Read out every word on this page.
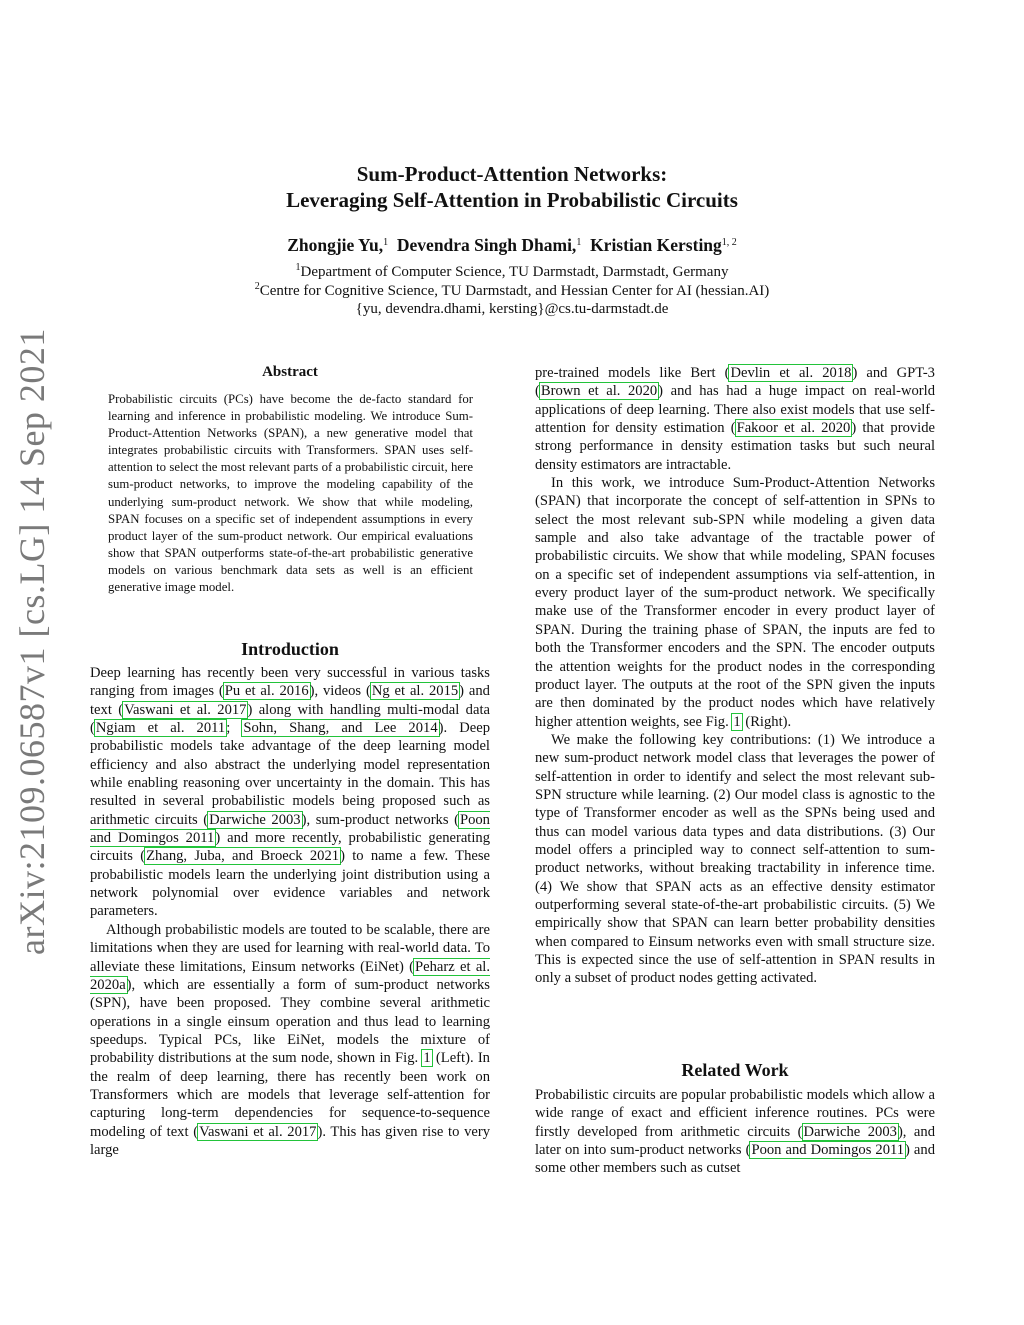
arXiv:2109.06587v1 [cs.LG] 14 Sep 2021
Sum-Product-Attention Networks:
Leveraging Self-Attention in Probabilistic Circuits
Zhongjie Yu,$^1$ Devendra Singh Dhami,$^1$ Kristian Kersting$^{1, 2}$
$^1$Department of Computer Science, TU Darmstadt, Darmstadt, Germany
$^2$Centre for Cognitive Science, TU Darmstadt, and Hessian Center for AI (hessian.AI)
{yu, devendra.dhami, kersting}@cs.tu-darmstadt.de
Abstract

Probabilistic circuits (PCs) have become the de-facto standard for learning and inference in probabilistic modeling. We introduce Sum-Product-Attention Networks (SPAN), a new generative model that integrates probabilistic circuits with Transformers. SPAN uses self-attention to select the most relevant parts of a probabilistic circuit, here sum-product networks, to improve the modeling capability of the underlying sum-product network. We show that while modeling, SPAN focuses on a specific set of independent assumptions in every product layer of the sum-product network. Our empirical evaluations show that SPAN outperforms state-of-the-art probabilistic generative models on various benchmark data sets as well is an efficient generative image model.

Introduction

Deep learning has recently been very successful in various tasks ranging from images (Pu et al. 2016), videos (Ng et al. 2015) and text (Vaswani et al. 2017) along with handling multi-modal data (Ngiam et al. 2011; Sohn, Shang, and Lee 2014). Deep probabilistic models take advantage of the deep learning model efficiency and also abstract the underlying model representation while enabling reasoning over uncertainty in the domain. This has resulted in several probabilistic models being proposed such as arithmetic circuits (Darwiche 2003), sum-product networks (Poon and Domingos 2011) and more recently, probabilistic generating circuits (Zhang, Juba, and Broeck 2021) to name a few. These probabilistic models learn the underlying joint distribution using a network polynomial over evidence variables and network parameters.

Although probabilistic models are touted to be scalable, there are limitations when they are used for learning with real-world data. To alleviate these limitations, Einsum networks (EiNet) (Peharz et al. 2020a), which are essentially a form of sum-product networks (SPN), have been proposed. They combine several arithmetic operations in a single einsum operation and thus lead to learning speedups. Typical PCs, like EiNet, models the mixture of probability distributions at the sum node, shown in Fig. 1 (Left). In the realm of deep learning, there has recently been work on Transformers which are models that leverage self-attention for capturing long-term dependencies for sequence-to-sequence modeling of text (Vaswani et al. 2017). This has given rise to very large

pre-trained models like Bert (Devlin et al. 2018) and GPT-3 (Brown et al. 2020) and has had a huge impact on real-world applications of deep learning. There also exist models that use self-attention for density estimation (Fakoor et al. 2020) that provide strong performance in density estimation tasks but such neural density estimators are intractable.

In this work, we introduce Sum-Product-Attention Networks (SPAN) that incorporate the concept of self-attention in SPNs to select the most relevant sub-SPN while modeling a given data sample and also take advantage of the tractable power of probabilistic circuits. We show that while modeling, SPAN focuses on a specific set of independent assumptions via self-attention, in every product layer of the sum-product network. We specifically make use of the Transformer encoder in every product layer of SPAN. During the training phase of SPAN, the inputs are fed to both the Transformer encoders and the SPN. The encoder outputs the attention weights for the product nodes in the corresponding product layer. The outputs at the root of the SPN given the inputs are then dominated by the product nodes which have relatively higher attention weights, see Fig. 1 (Right).

We make the following key contributions: (1) We introduce a new sum-product network model class that leverages the power of self-attention in order to identify and select the most relevant sub-SPN structure while learning. (2) Our model class is agnostic to the type of Transformer encoder as well as the SPNs being used and thus can model various data types and data distributions. (3) Our model offers a principled way to connect self-attention to sum-product networks, without breaking tractability in inference time. (4) We show that SPAN acts as an effective density estimator outperforming several state-of-the-art probabilistic circuits. (5) We empirically show that SPAN can learn better probability densities when compared to Einsum networks even with small structure size. This is expected since the use of self-attention in SPAN results in only a subset of product nodes getting activated.

Related Work

Probabilistic circuits are popular probabilistic models which allow a wide range of exact and efficient inference routines. PCs were firstly developed from arithmetic circuits (Darwiche 2003), and later on into sum-product networks (Poon and Domingos 2011) and some other members such as cutset
